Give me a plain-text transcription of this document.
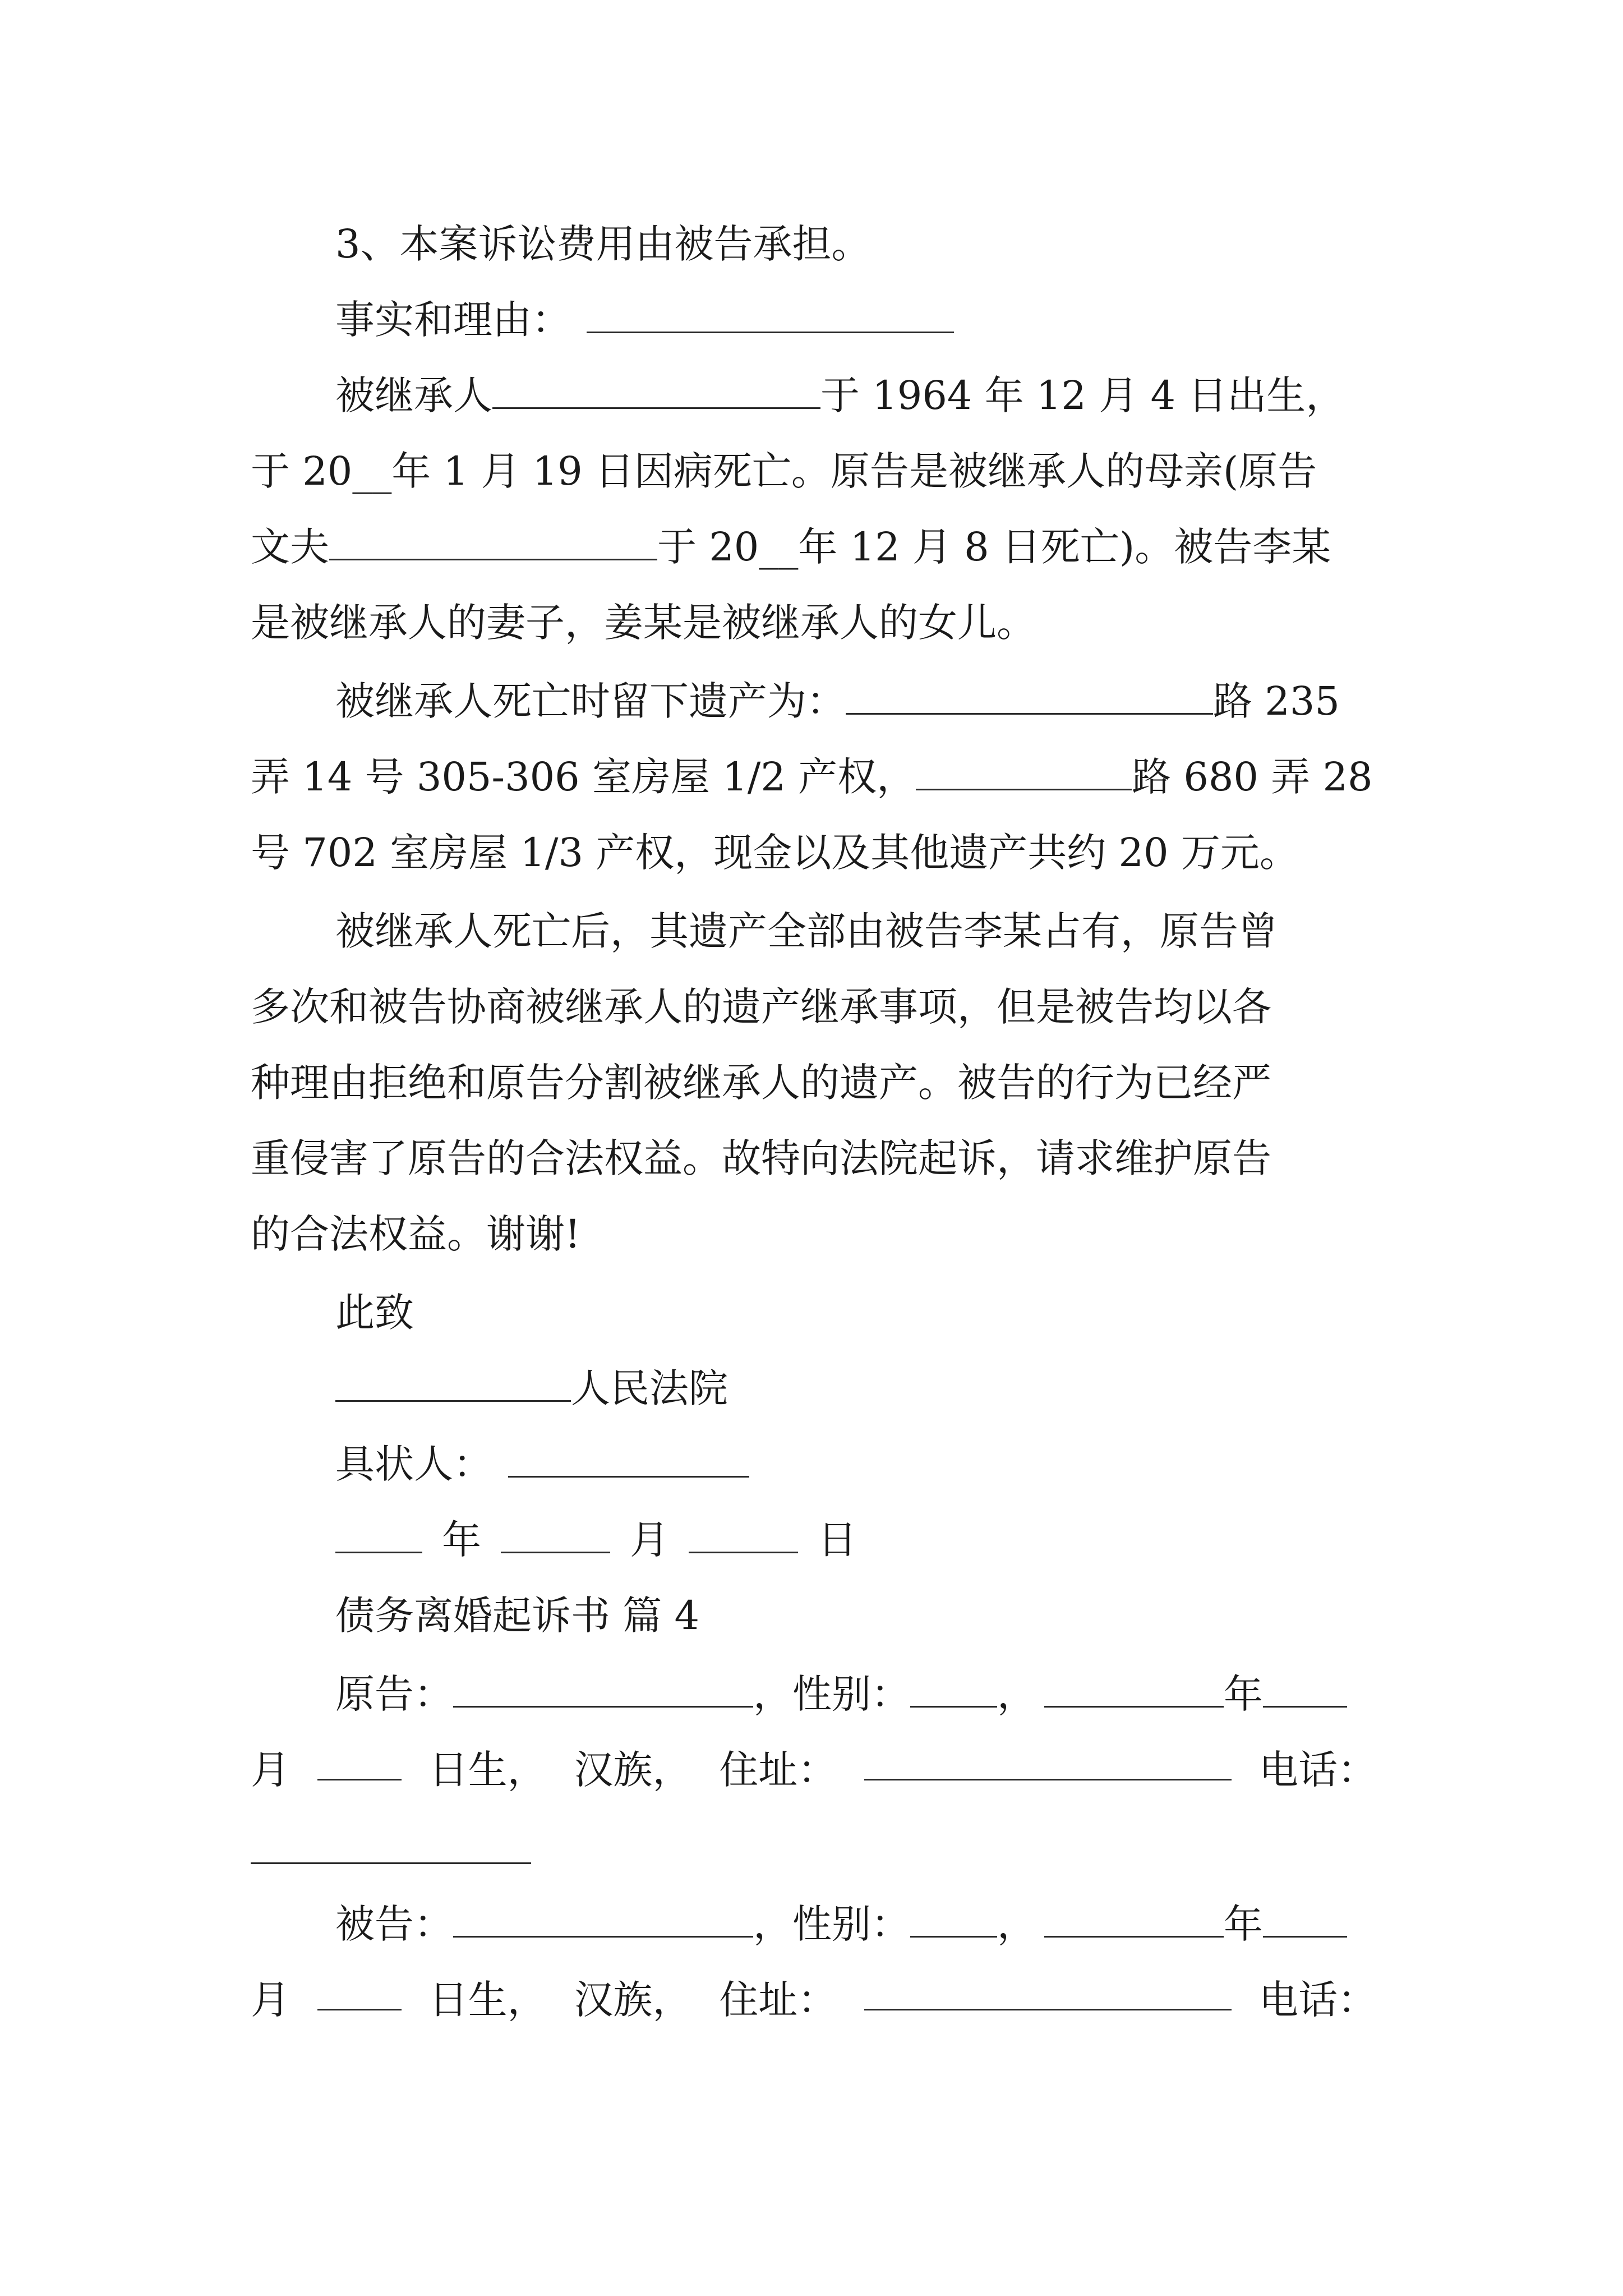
3、本案诉讼费用由被告承担。
事实和理由：
被继承人	于 1964 年 12 月 4 日出生，
于 20__年 1 月 19 日因病死亡。原告是被继承人的母亲(原告
文夫	于 20__年 12 月 8 日死亡)。被告李某
是被继承人的妻子，姜某是被继承人的女儿。
被继承人死亡时留下遗产为：	路 235
弄 14 号 305-306 室房屋 1/2 产权，	路 680 弄 28
号 702 室房屋 1/3 产权，现金以及其他遗产共约 20 万元。
被继承人死亡后，其遗产全部由被告李某占有，原告曾
多次和被告协商被继承人的遗产继承事项，但是被告均以各
种理由拒绝和原告分割被继承人的遗产。被告的行为已经严
重侵害了原告的合法权益。故特向法院起诉，请求维护原告
的合法权益。谢谢!
此致
人民法院
具状人：
年	月	日
债务离婚起诉书 篇 4
原告：	，性别： ，	年
月	日生， 汉族， 住址：	电话：
被告：	，性别： ，	年
月	日生， 汉族， 住址：	电话：
